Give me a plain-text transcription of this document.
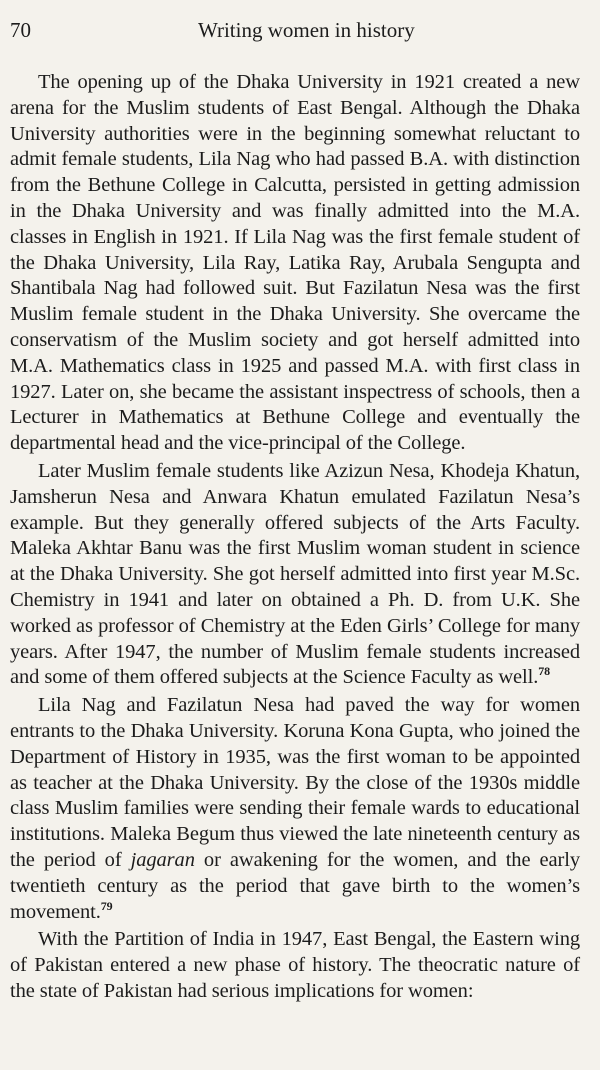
70	Writing women in history

The opening up of the Dhaka University in 1921 created a new arena for the Muslim students of East Bengal. Although the Dhaka University authorities were in the beginning somewhat reluctant to admit female students, Lila Nag who had passed B.A. with distinction from the Bethune College in Calcutta, persisted in getting admission in the Dhaka University and was finally admitted into the M.A. classes in English in 1921. If Lila Nag was the first female student of the Dhaka University, Lila Ray, Latika Ray, Arubala Sengupta and Shantibala Nag had followed suit. But Fazilatun Nesa was the first Muslim female student in the Dhaka University. She overcame the conservatism of the Muslim society and got herself admitted into M.A. Mathematics class in 1925 and passed M.A. with first class in 1927. Later on, she became the assistant inspectress of schools, then a Lecturer in Mathematics at Bethune College and eventually the departmental head and the vice-principal of the College.

Later Muslim female students like Azizun Nesa, Khodeja Khatun, Jamsherun Nesa and Anwara Khatun emulated Fazilatun Nesa’s example. But they generally offered subjects of the Arts Faculty. Maleka Akhtar Banu was the first Muslim woman student in science at the Dhaka University. She got herself admitted into first year M.Sc. Chemistry in 1941 and later on obtained a Ph. D. from U.K. She worked as professor of Chemistry at the Eden Girls’ College for many years. After 1947, the number of Muslim female students increased and some of them offered subjects at the Science Faculty as well.$^{78}$

Lila Nag and Fazilatun Nesa had paved the way for women entrants to the Dhaka University. Koruna Kona Gupta, who joined the Department of History in 1935, was the first woman to be appointed as teacher at the Dhaka University. By the close of the 1930s middle class Muslim families were sending their female wards to educational institutions. Maleka Begum thus viewed the late nineteenth century as the period of jagaran or awakening for the women, and the early twentieth century as the period that gave birth to the women’s movement.$^{79}$

With the Partition of India in 1947, East Bengal, the Eastern wing of Pakistan entered a new phase of history. The theocratic nature of the state of Pakistan had serious implications for women:
